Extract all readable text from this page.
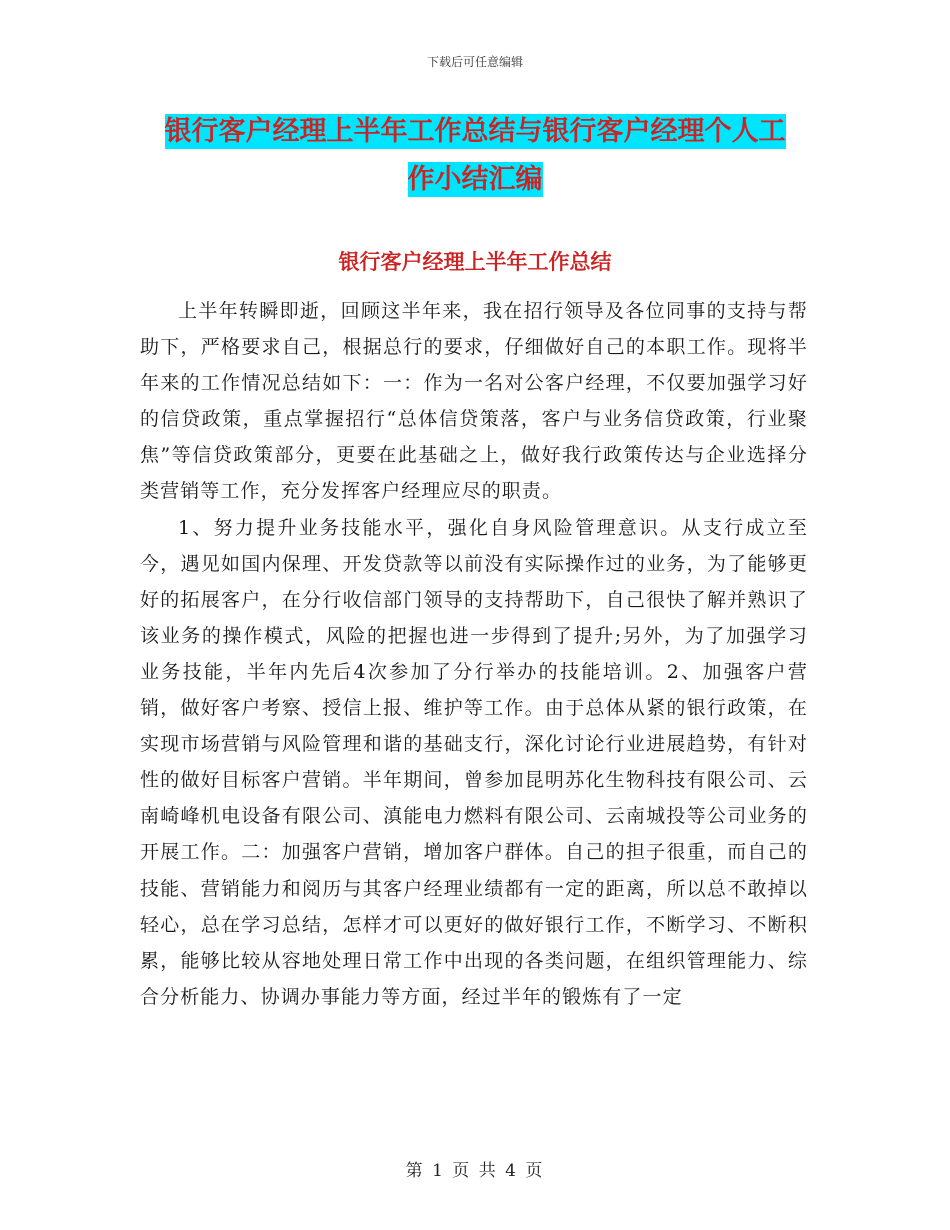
下载后可任意编辑
银行客户经理上半年工作总结与银行客户经理个人工
作小结汇编
银行客户经理上半年工作总结

上半年转瞬即逝，回顾这半年来，我在招行领导及各位同事的支持与帮助下，严格要求自己，根据总行的要求，仔细做好自己的本职工作。现将半年来的工作情况总结如下：一：作为一名对公客户经理，不仅要加强学习好的信贷政策，重点掌握招行“总体信贷策落，客户与业务信贷政策，行业聚焦”等信贷政策部分，更要在此基础之上，做好我行政策传达与企业选择分类营销等工作，充分发挥客户经理应尽的职责。

1、努力提升业务技能水平，强化自身风险管理意识。从支行成立至今，遇见如国内保理、开发贷款等以前没有实际操作过的业务，为了能够更好的拓展客户，在分行收信部门领导的支持帮助下，自己很快了解并熟识了该业务的操作模式，风险的把握也进一步得到了提升;另外，为了加强学习业务技能，半年内先后4次参加了分行举办的技能培训。2、加强客户营销，做好客户考察、授信上报、维护等工作。由于总体从紧的银行政策，在实现市场营销与风险管理和谐的基础支行，深化讨论行业进展趋势，有针对性的做好目标客户营销。半年期间，曾参加昆明苏化生物科技有限公司、云南崎峰机电设备有限公司、滇能电力燃料有限公司、云南城投等公司业务的开展工作。二：加强客户营销，增加客户群体。自己的担子很重，而自己的技能、营销能力和阅历与其客户经理业绩都有一定的距离，所以总不敢掉以轻心，总在学习总结，怎样才可以更好的做好银行工作，不断学习、不断积累，能够比较从容地处理日常工作中出现的各类问题，在组织管理能力、综合分析能力、协调办事能力等方面，经过半年的锻炼有了一定

第 1 页 共 4 页
